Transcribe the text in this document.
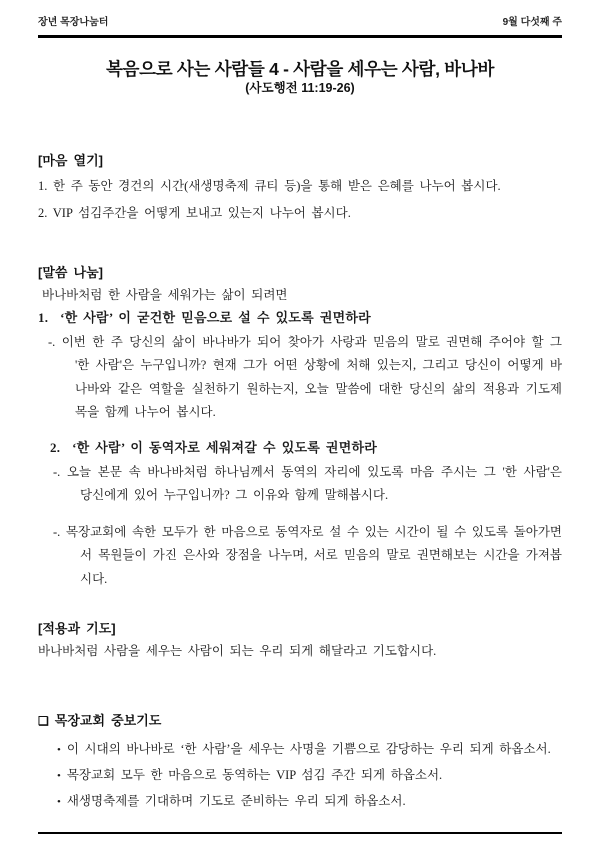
장년 목장나눔터	9월 다섯째 주
복음으로 사는 사람들 4 - 사람을 세우는 사람, 바나바
(사도행전 11:19-26)
[마음 열기]
1. 한 주 동안 경건의 시간(새생명축제 큐티 등)을 통해 받은 은혜를 나누어 봅시다.
2. VIP 섬김주간을 어떻게 보내고 있는지 나누어 봅시다.
[말씀 나눔]
바나바처럼 한 사람을 세워가는 삶이 되려면
1. ‘한 사람’ 이 굳건한 믿음으로 설 수 있도록 권면하라
-. 이번 한 주 당신의 삶이 바나바가 되어 찾아가 사랑과 믿음의 말로 권면해 주어야 할 그 '한 사람'은 누구입니까? 현재 그가 어떤 상황에 처해 있는지, 그리고 당신이 어떻게 바나바와 같은 역할을 실천하기 원하는지, 오늘 말씀에 대한 당신의 삶의 적용과 기도제목을 함께 나누어 봅시다.
2. ‘한 사람’ 이 동역자로 세워져갈 수 있도록 권면하라
-. 오늘 본문 속 바나바처럼 하나님께서 동역의 자리에 있도록 마음 주시는 그 '한 사람'은 당신에게 있어 누구입니까? 그 이유와 함께 말해봅시다.
-. 목장교회에 속한 모두가 한 마음으로 동역자로 설 수 있는 시간이 될 수 있도록 돌아가면서 목원들이 가진 은사와 장점을 나누며, 서로 믿음의 말로 권면해보는 시간을 가져봅시다.
[적용과 기도]
바나바처럼 사람을 세우는 사람이 되는 우리 되게 해달라고 기도합시다.
❏ 목장교회 중보기도
• 이 시대의 바나바로 ‘한 사람’을 세우는 사명을 기쁨으로 감당하는 우리 되게 하옵소서.
• 목장교회 모두 한 마음으로 동역하는 VIP 섬김 주간 되게 하옵소서.
• 새생명축제를 기대하며 기도로 준비하는 우리 되게 하옵소서.
